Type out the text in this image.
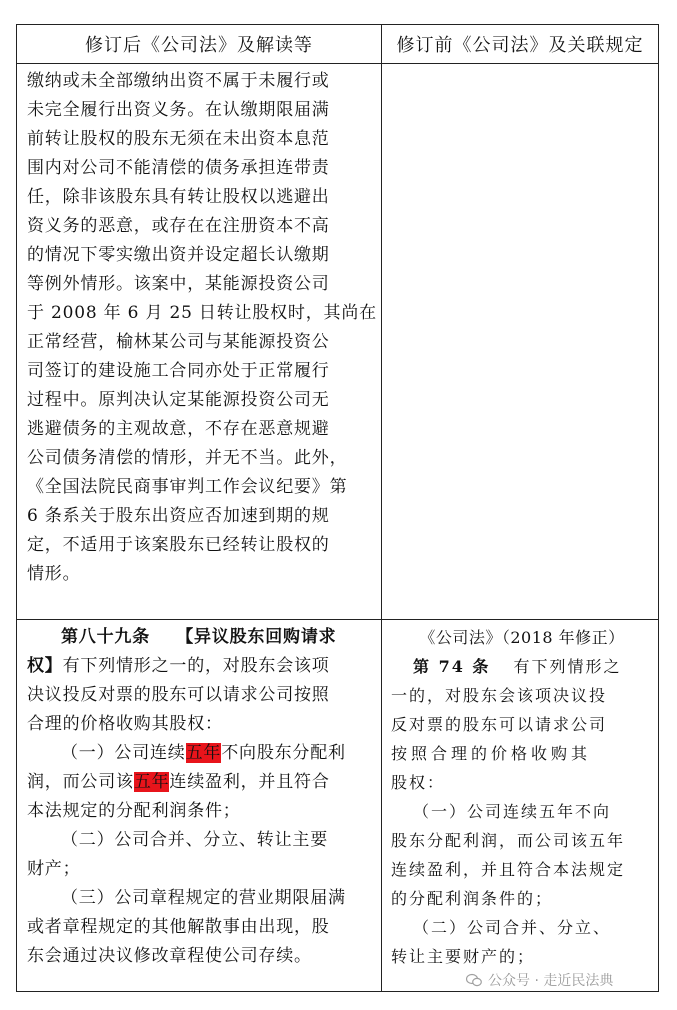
修订后《公司法》及解读等	修订前《公司法》及关联规定
缴纳或未全部缴纳出资不属于未履行或
未完全履行出资义务。在认缴期限届满
前转让股权的股东无须在未出资本息范
围内对公司不能清偿的债务承担连带责
任，除非该股东具有转让股权以逃避出
资义务的恶意，或存在在注册资本不高
的情况下零实缴出资并设定超长认缴期
等例外情形。该案中，某能源投资公司
于 2008 年 6 月 25 日转让股权时，其尚在
正常经营，榆林某公司与某能源投资公
司签订的建设施工合同亦处于正常履行
过程中。原判决认定某能源投资公司无
逃避债务的主观故意，不存在恶意规避
公司债务清偿的情形，并无不当。此外，
《全国法院民商事审判工作会议纪要》第
6 条系关于股东出资应否加速到期的规
定，不适用于该案股东已经转让股权的
情形。
第八十九条 【异议股东回购请求
权】有下列情形之一的，对股东会该项
决议投反对票的股东可以请求公司按照
合理的价格收购其股权：
（一）公司连续五年不向股东分配利
润，而公司该五年连续盈利，并且符合
本法规定的分配利润条件；
（二）公司合并、分立、转让主要
财产；
（三）公司章程规定的营业期限届满
或者章程规定的其他解散事由出现，股
东会通过决议修改章程使公司存续。
《公司法》（2018 年修正）
第 74 条 有下列情形之
一的，对股东会该项决议投
反对票的股东可以请求公司
按照合理的价格收购其
股权：
（一）公司连续五年不向
股东分配利润，而公司该五年
连续盈利，并且符合本法规定
的分配利润条件的；
（二）公司合并、分立、
转让主要财产的；
公众号 · 走近民法典
